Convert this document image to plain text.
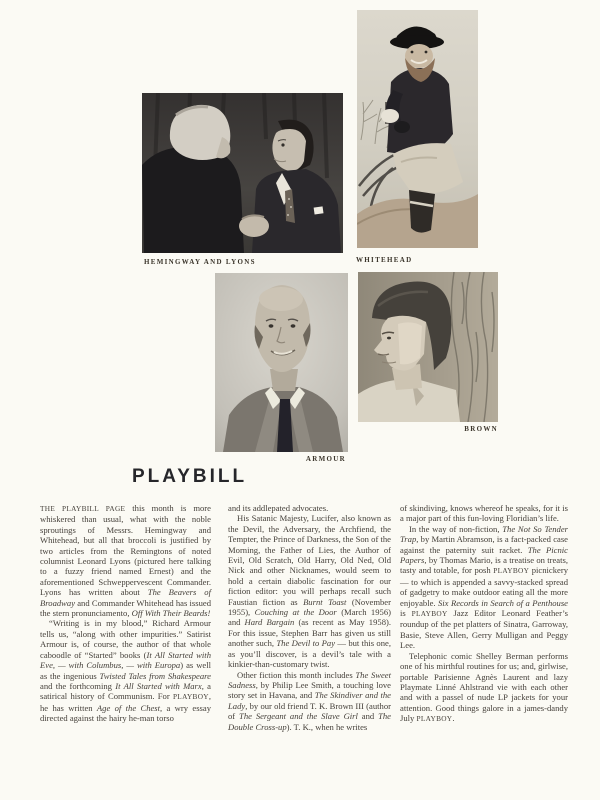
HEMINGWAY AND LYONS	WHITEHEAD
ARMOUR
BROWN
PLAYBILL

THE PLAYBILL PAGE this month is more whiskered than usual, what with the noble sproutings of Messrs. Hemingway and Whitehead, but all that broccoli is justified by two articles from the Remingtons of noted columnist Leonard Lyons (pictured here talking to a fuzzy friend named Ernest) and the aforementioned Schweppervescent Commander. Lyons has written about The Beavers of Broadway and Commander Whitehead has issued the stern pronunciamento, Off With Their Beards!

“Writing is in my blood,” Richard Armour tells us, “along with other impurities.” Satirist Armour is, of course, the author of that whole caboodle of “Started” books (It All Started with Eve, — with Columbus, — with Europa) as well as the ingenious Twisted Tales from Shakespeare and the forthcoming It All Started with Marx, a satirical history of Communism. For PLAYBOY, he has written Age of the Chest, a wry essay directed against the hairy he-man torso

and its addlepated advocates.

His Satanic Majesty, Lucifer, also known as the Devil, the Adversary, the Archfiend, the Tempter, the Prince of Darkness, the Son of the Morning, the Father of Lies, the Author of Evil, Old Scratch, Old Harry, Old Ned, Old Nick and other Nicknames, would seem to hold a certain diabolic fascination for our fiction editor: you will perhaps recall such Faustian fiction as Burnt Toast (November 1955), Couching at the Door (March 1956) and Hard Bargain (as recent as May 1958). For this issue, Stephen Barr has given us still another such, The Devil to Pay — but this one, as you’ll discover, is a devil’s tale with a kinkier-than-customary twist.

Other fiction this month includes The Sweet Sadness, by Philip Lee Smith, a touching love story set in Havana, and The Skindiver and the Lady, by our old friend T. K. Brown III (author of The Sergeant and the Slave Girl and The Double Cross-up). T. K., when he writes

of skindiving, knows whereof he speaks, for it is a major part of this fun-loving Floridian’s life.

In the way of non-fiction, The Not So Tender Trap, by Martin Abramson, is a fact-packed case against the paternity suit racket. The Picnic Papers, by Thomas Mario, is a treatise on treats, tasty and totable, for posh PLAYBOY picnickery — to which is appended a savvy-stacked spread of gadgetry to make outdoor eating all the more enjoyable. Six Records in Search of a Penthouse is PLAYBOY Jazz Editor Leonard Feather’s roundup of the pet platters of Sinatra, Garroway, Basie, Steve Allen, Gerry Mulligan and Peggy Lee.

Telephonic comic Shelley Berman performs one of his mirthful routines for us; and, girlwise, portable Parisienne Agnès Laurent and lazy Playmate Linné Ahlstrand vie with each other and with a passel of nude LP jackets for your attention. Good things galore in a james-dandy July PLAYBOY.
